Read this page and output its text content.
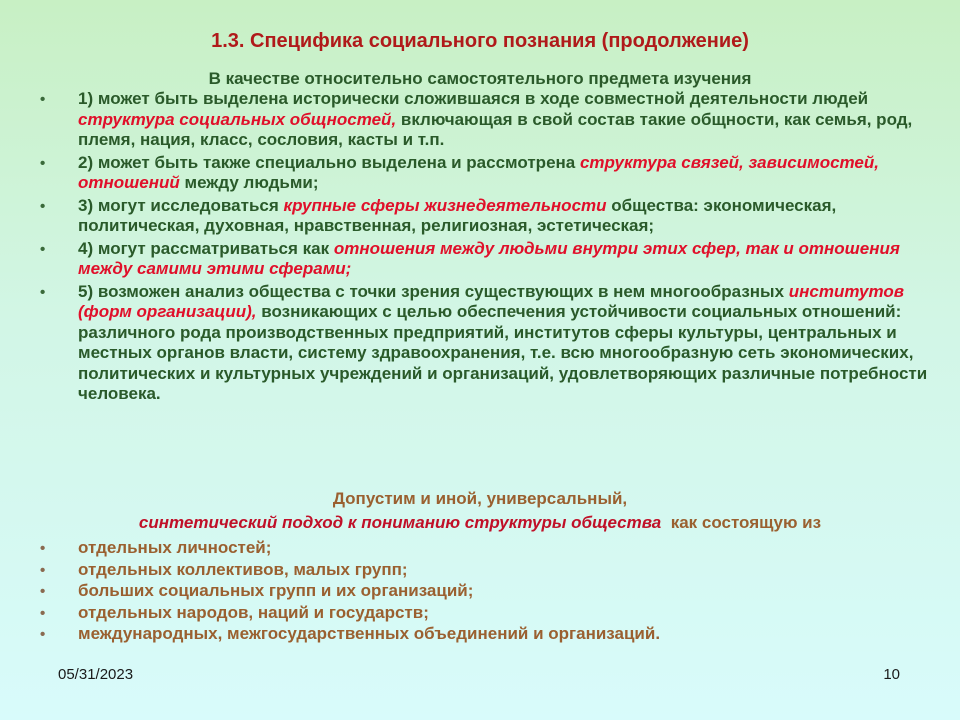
1.3. Специфика социального познания (продолжение)
В качестве относительно самостоятельного предмета изучения
• 1) может быть выделена исторически сложившаяся в ходе совместной деятельности людей структура социальных общностей, включающая в свой состав такие общности, как семья, род, племя, нация, класс, сословия, касты и т.п.
• 2) может быть также специально выделена и рассмотрена структура связей, зависимостей, отношений между людьми;
• 3) могут исследоваться крупные сферы жизнедеятельности общества: экономическая, политическая, духовная, нравственная, религиозная, эстетическая;
• 4) могут рассматриваться как отношения между людьми внутри этих сфер, так и отношения между самими этими сферами;
• 5) возможен анализ общества с точки зрения существующих в нем многообразных институтов (форм организации), возникающих с целью обеспечения устойчивости социальных отношений: различного рода производственных предприятий, институтов сферы культуры, центральных и местных органов власти, систему здравоохранения, т.е. всю многообразную сеть экономических, политических и культурных учреждений и организаций, удовлетворяющих различные потребности человека.
Допустим и иной, универсальный,
синтетический подход к пониманию структуры общества  как состоящую из
• отдельных личностей;
• отдельных коллективов, малых групп;
• больших социальных групп и их организаций;
• отдельных народов, наций и государств;
• международных, межгосударственных объединений и организаций.
05/31/2023	10
